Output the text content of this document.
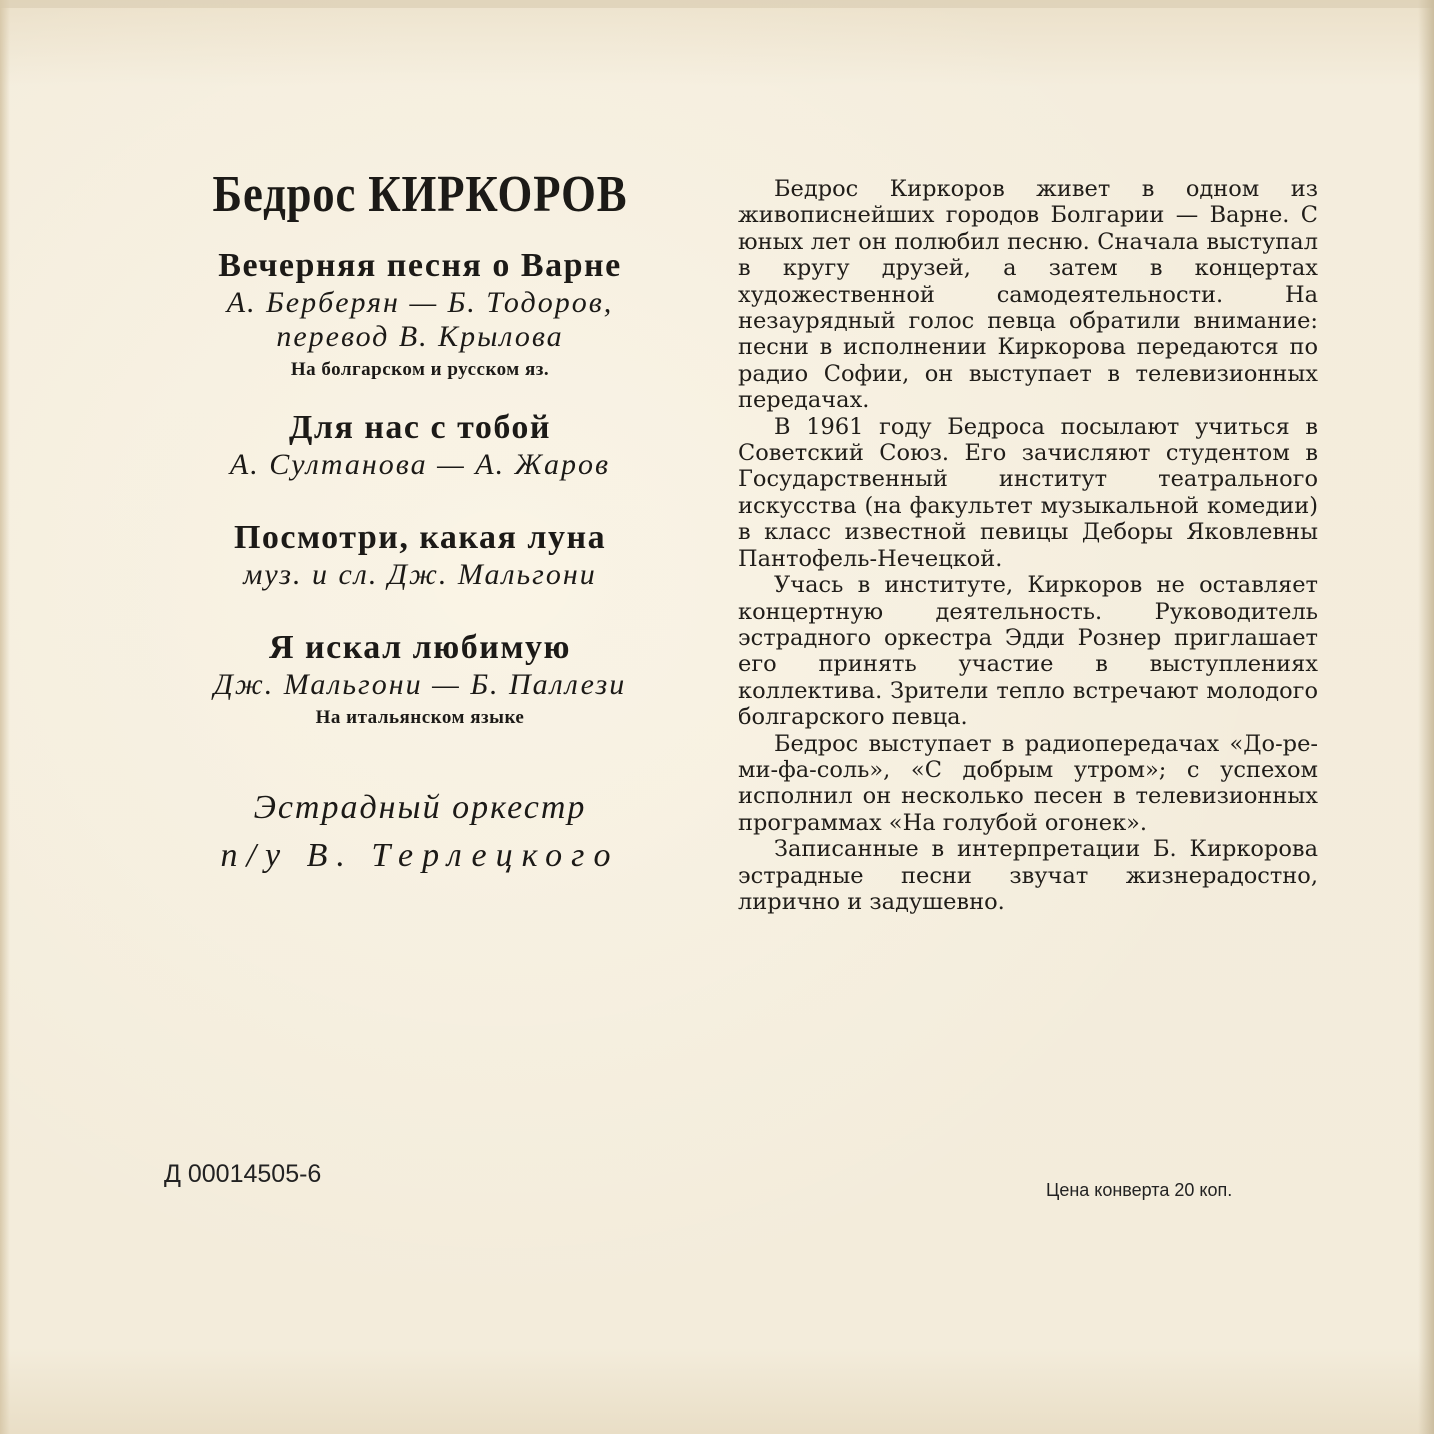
Бедрос КИРКОРОВ
Вечерняя песня о Варне
А. Берберян — Б. Тодоров,
перевод В. Крылова
На болгарском и русском яз.
Для нас с тобой
А. Султанова — А. Жаров
Посмотри, какая луна
муз. и сл. Дж. Мальгони
Я искал любимую
Дж. Мальгони — Б. Паллези
На итальянском языке
Эстрадный оркестр
п/у В. Терлецкого

Бедрос Киркоров живет в одном из живописнейших городов Болгарии — Варне. С юных лет он полюбил песню. Сначала выступал в кругу друзей, а затем в концертах художественной самодеятельности. На незаурядный голос певца обратили внимание: песни в исполнении Киркорова передаются по радио Софии, он выступает в телевизионных передачах.

В 1961 году Бедроса посылают учиться в Советский Союз. Его зачисляют студентом в Государственный институт театрального искусства (на факультет музыкальной комедии) в класс известной певицы Деборы Яковлевны Пантофель-Нечецкой.

Учась в институте, Киркоров не оставляет концертную деятельность. Руководитель эстрадного оркестра Эдди Рознер приглашает его принять участие в выступлениях коллектива. Зрители тепло встречают молодого болгарского певца.

Бедрос выступает в радиопередачах «До-ре-ми-фа-соль», «С добрым утром»; с успехом исполнил он несколько песен в телевизионных программах «На голубой огонек».

Записанные в интерпретации Б. Киркорова эстрадные песни звучат жизнерадостно, лирично и задушевно.

Д 00014505-6
Цена конверта 20 коп.
